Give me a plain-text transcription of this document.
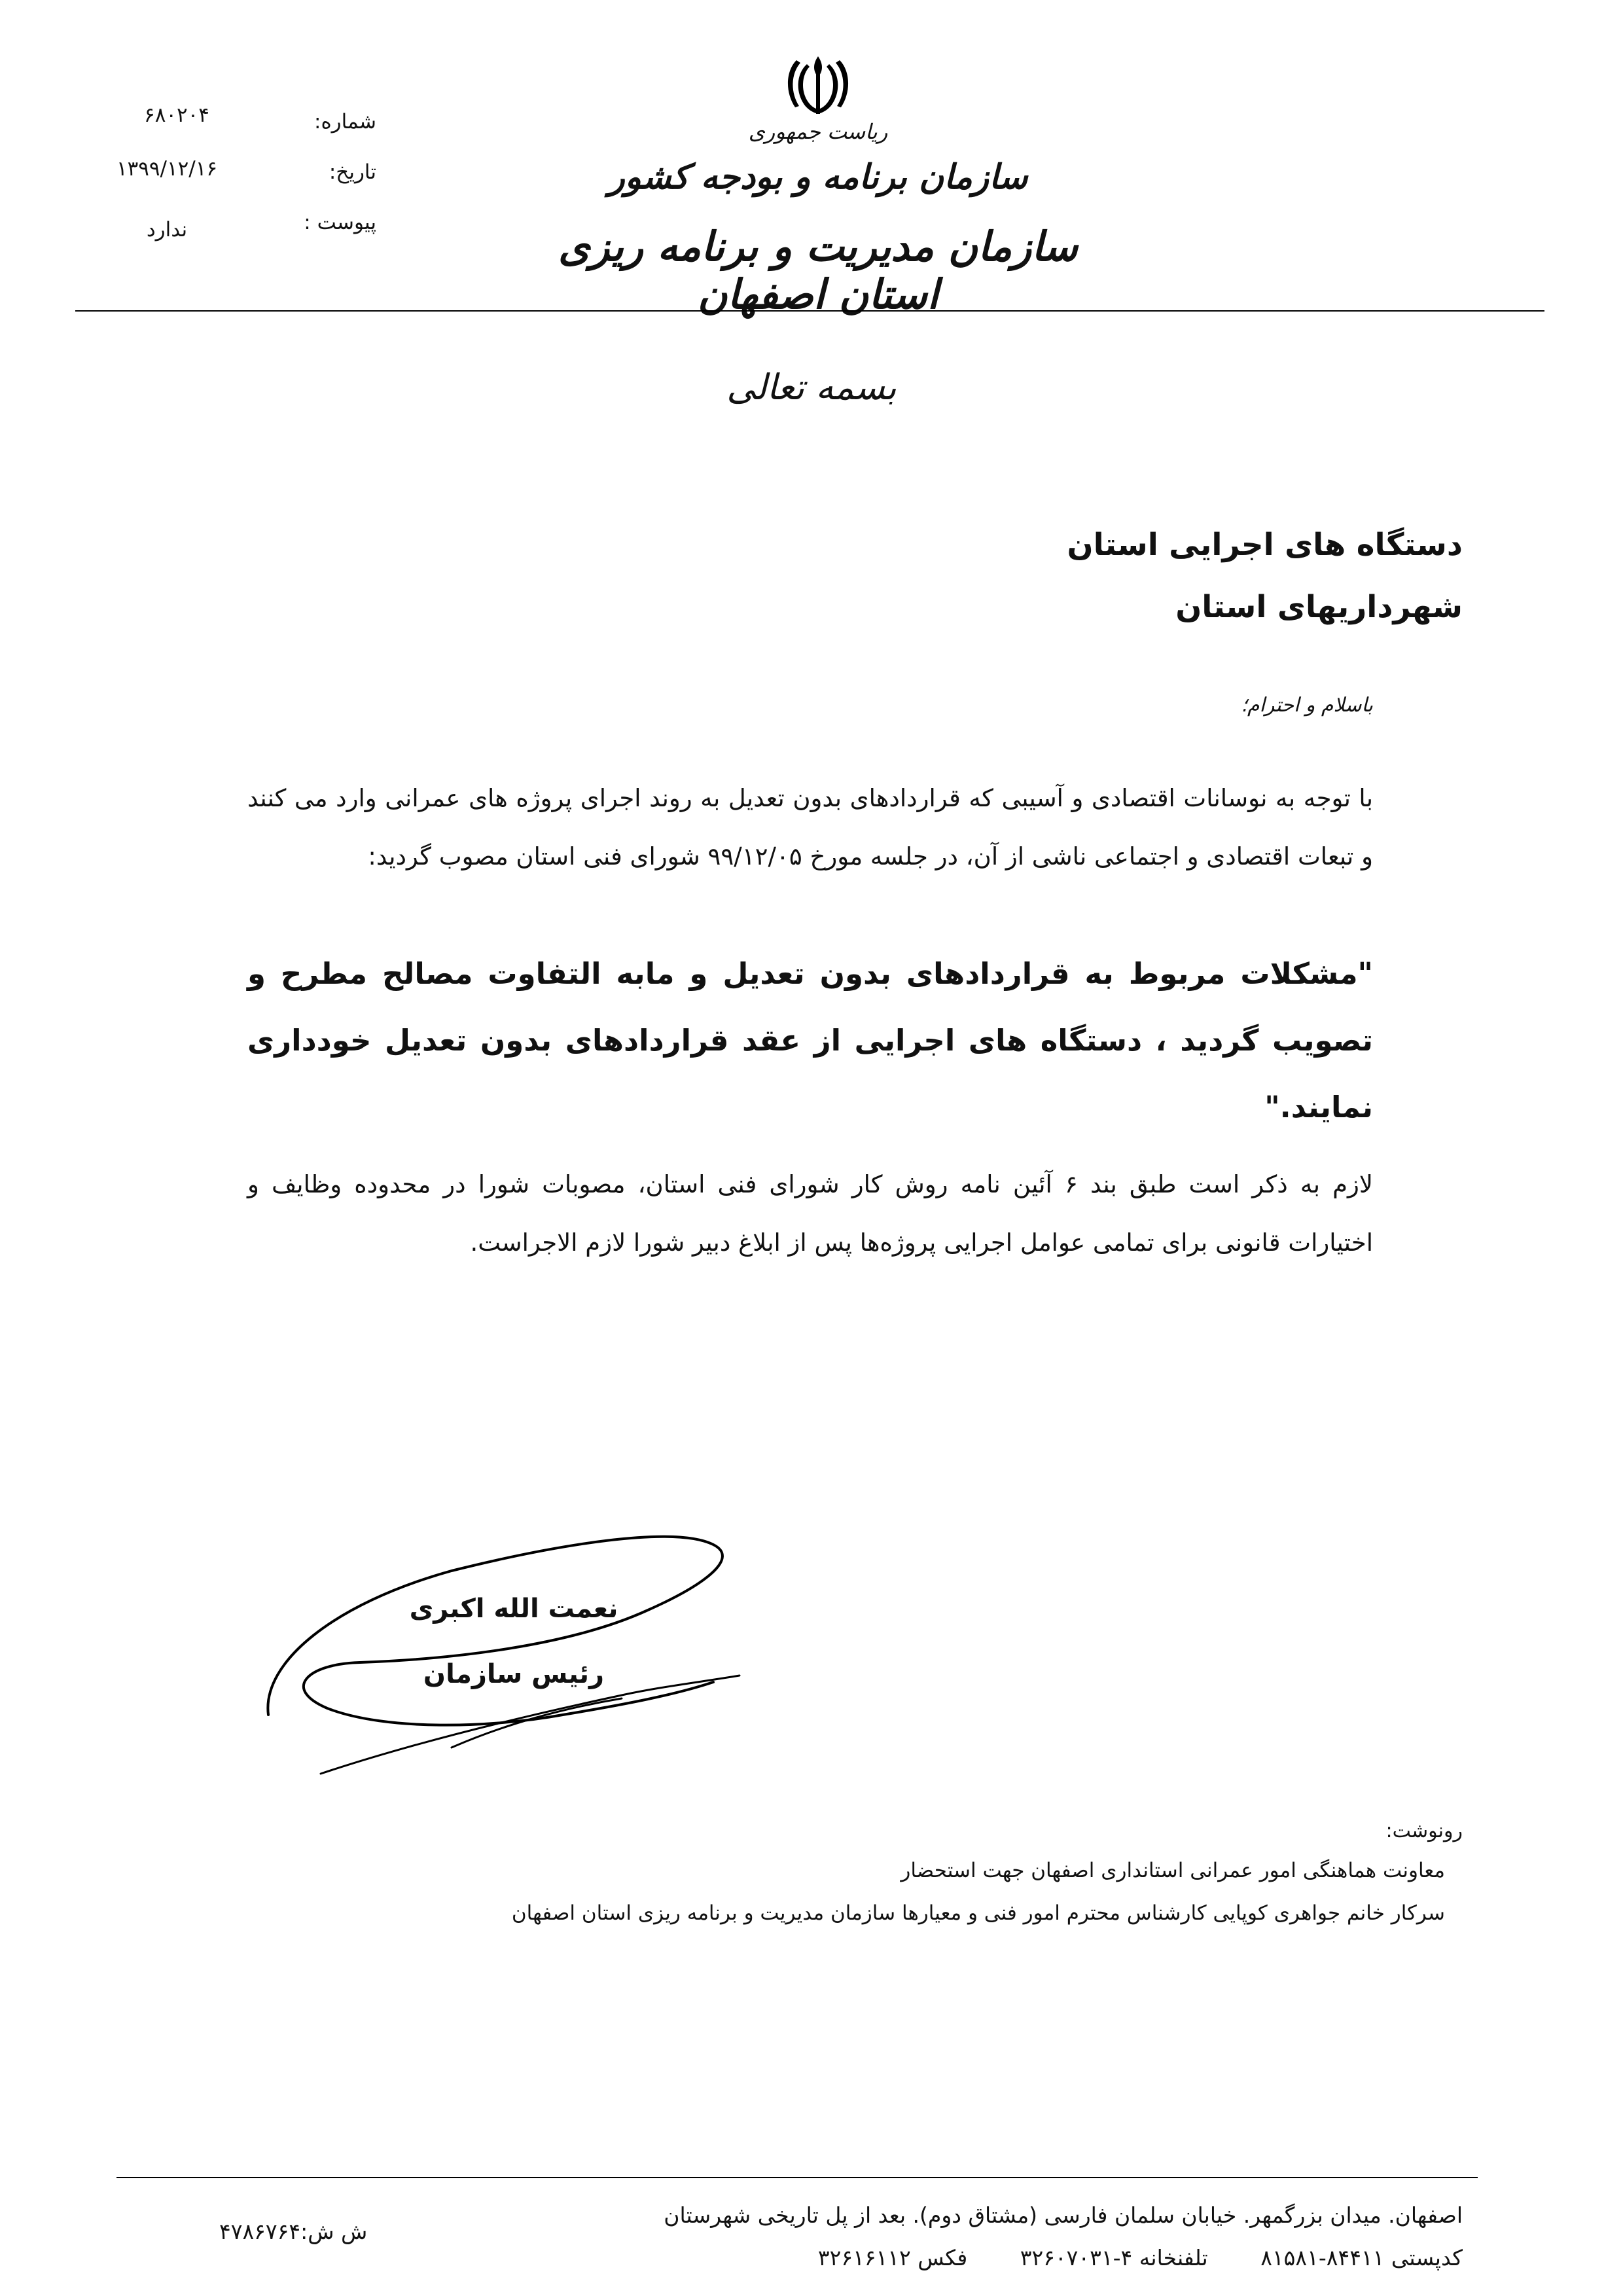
شماره:
۶۸۰۲۰۴
تاریخ:
۱۳۹۹/۱۲/۱۶
پیوست :
ندارد
ریاست جمهوری
سازمان برنامه و بودجه کشور
سازمان مدیریت و برنامه ریزی استان اصفهان
بسمه تعالی
دستگاه های اجرایی استان
شهرداریهای استان
باسلام و احترام؛
با توجه به نوسانات اقتصادی و آسیبی که قراردادهای بدون تعدیل به روند اجرای پروژه های عمرانی وارد می کنند و تبعات اقتصادی و اجتماعی ناشی از آن، در جلسه مورخ ۹۹/۱۲/۰۵ شورای فنی استان مصوب گردید:
"مشکلات مربوط به قراردادهای بدون تعدیل و مابه التفاوت مصالح مطرح و تصویب گردید ، دستگاه های اجرایی از عقد قراردادهای بدون تعدیل خودداری نمایند."
لازم به ذکر است طبق بند ۶ آئین نامه روش کار شورای فنی استان، مصوبات شورا در محدوده وظایف و اختیارات قانونی برای تمامی عوامل اجرایی پروژه‌ها پس از ابلاغ دبیر شورا لازم الاجراست.
نعمت الله اکبری
رئیس سازمان
رونوشت:
معاونت هماهنگی امور عمرانی استانداری اصفهان جهت استحضار
سرکار خانم جواهری کوپایی کارشناس محترم امور فنی و معیارها سازمان مدیریت و برنامه ریزی استان اصفهان
اصفهان. میدان بزرگمهر. خیابان سلمان فارسی (مشتاق دوم). بعد از پل تاریخی شهرستان
کدپستی ۸۴۴۱۱-۸۱۵۸۱ تلفنخانه ۴-۳۲۶۰۷۰۳۱ فکس ۳۲۶۱۶۱۱۲
ش ش:۴۷۸۶۷۶۴
